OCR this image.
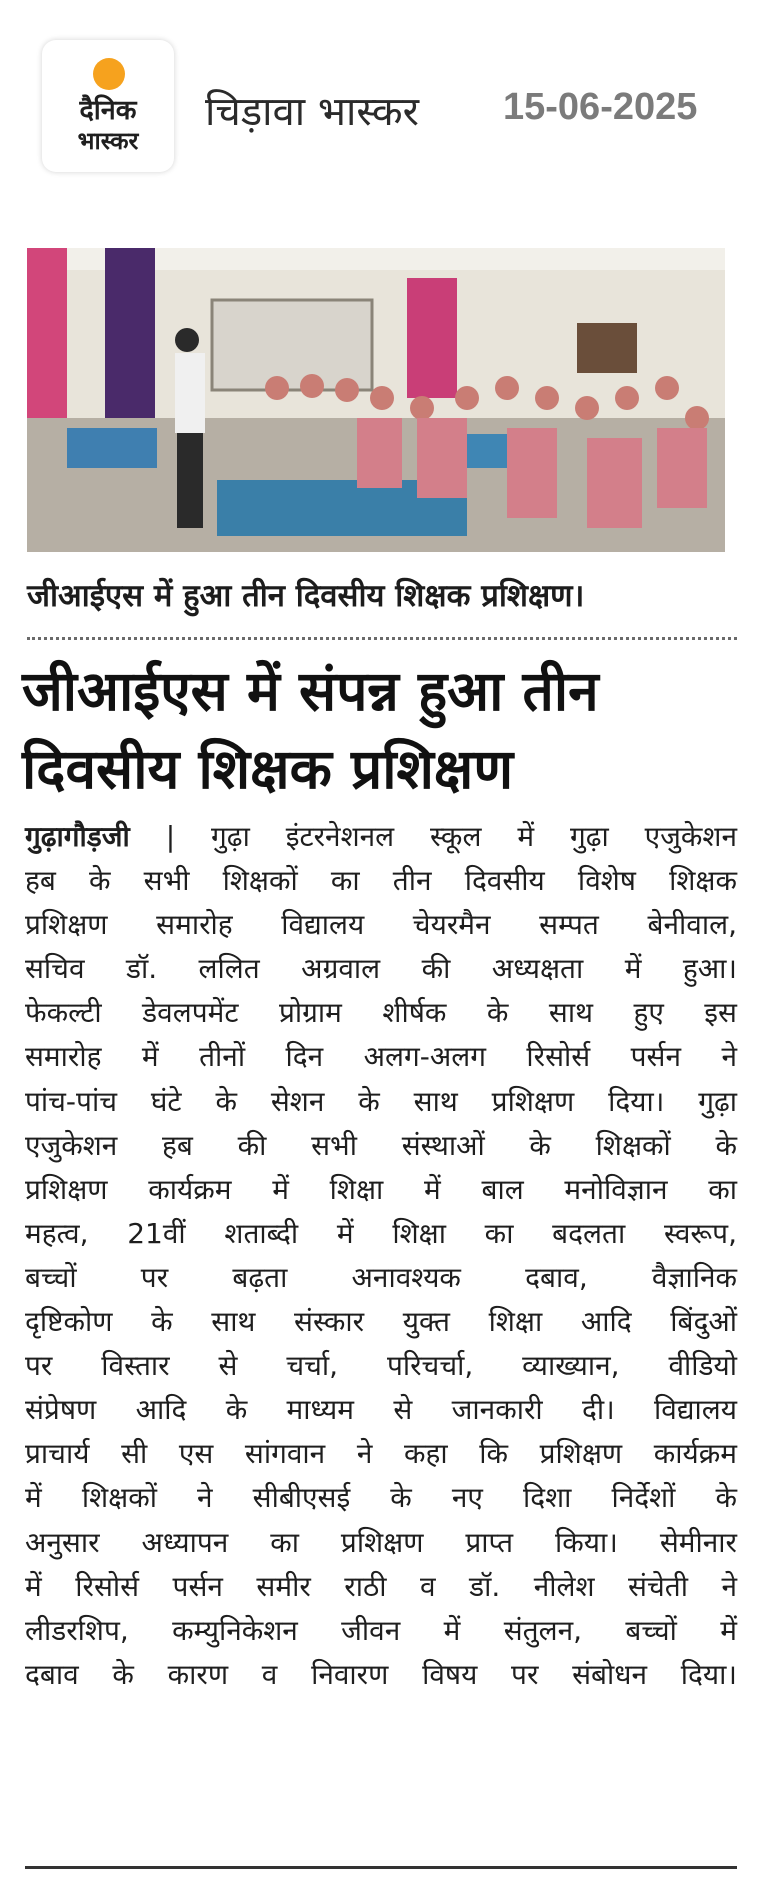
दैनिक
भास्कर
चिड़ावा भास्कर 15-06-2025
जीआईएस में हुआ तीन दिवसीय शिक्षक प्रशिक्षण।
जीआईएस में संपन्न हुआ तीन
दिवसीय शिक्षक प्रशिक्षण
गुढ़ागौड़जी | गुढ़ा इंटरनेशनल स्कूल में गुढ़ा एजुकेशन
हब के सभी शिक्षकों का तीन दिवसीय विशेष शिक्षक
प्रशिक्षण समारोह विद्यालय चेयरमैन सम्पत बेनीवाल,
सचिव डॉ. ललित अग्रवाल की अध्यक्षता में हुआ।
फेकल्टी डेवलपमेंट प्रोग्राम शीर्षक के साथ हुए इस
समारोह में तीनों दिन अलग-अलग रिसोर्स पर्सन ने
पांच-पांच घंटे के सेशन के साथ प्रशिक्षण दिया। गुढ़ा
एजुकेशन हब की सभी संस्थाओं के शिक्षकों के
प्रशिक्षण कार्यक्रम में शिक्षा में बाल मनोविज्ञान का
महत्व, 21वीं शताब्दी में शिक्षा का बदलता स्वरूप,
बच्चों पर बढ़ता अनावश्यक दबाव, वैज्ञानिक
दृष्टिकोण के साथ संस्कार युक्त शिक्षा आदि बिंदुओं
पर विस्तार से चर्चा, परिचर्चा, व्याख्यान, वीडियो
संप्रेषण आदि के माध्यम से जानकारी दी। विद्यालय
प्राचार्य सी एस सांगवान ने कहा कि प्रशिक्षण कार्यक्रम
में शिक्षकों ने सीबीएसई के नए दिशा निर्देशों के
अनुसार अध्यापन का प्रशिक्षण प्राप्त किया। सेमीनार
में रिसोर्स पर्सन समीर राठी व डॉ. नीलेश संचेती ने
लीडरशिप, कम्युनिकेशन जीवन में संतुलन, बच्चों में
दबाव के कारण व निवारण विषय पर संबोधन दिया।
